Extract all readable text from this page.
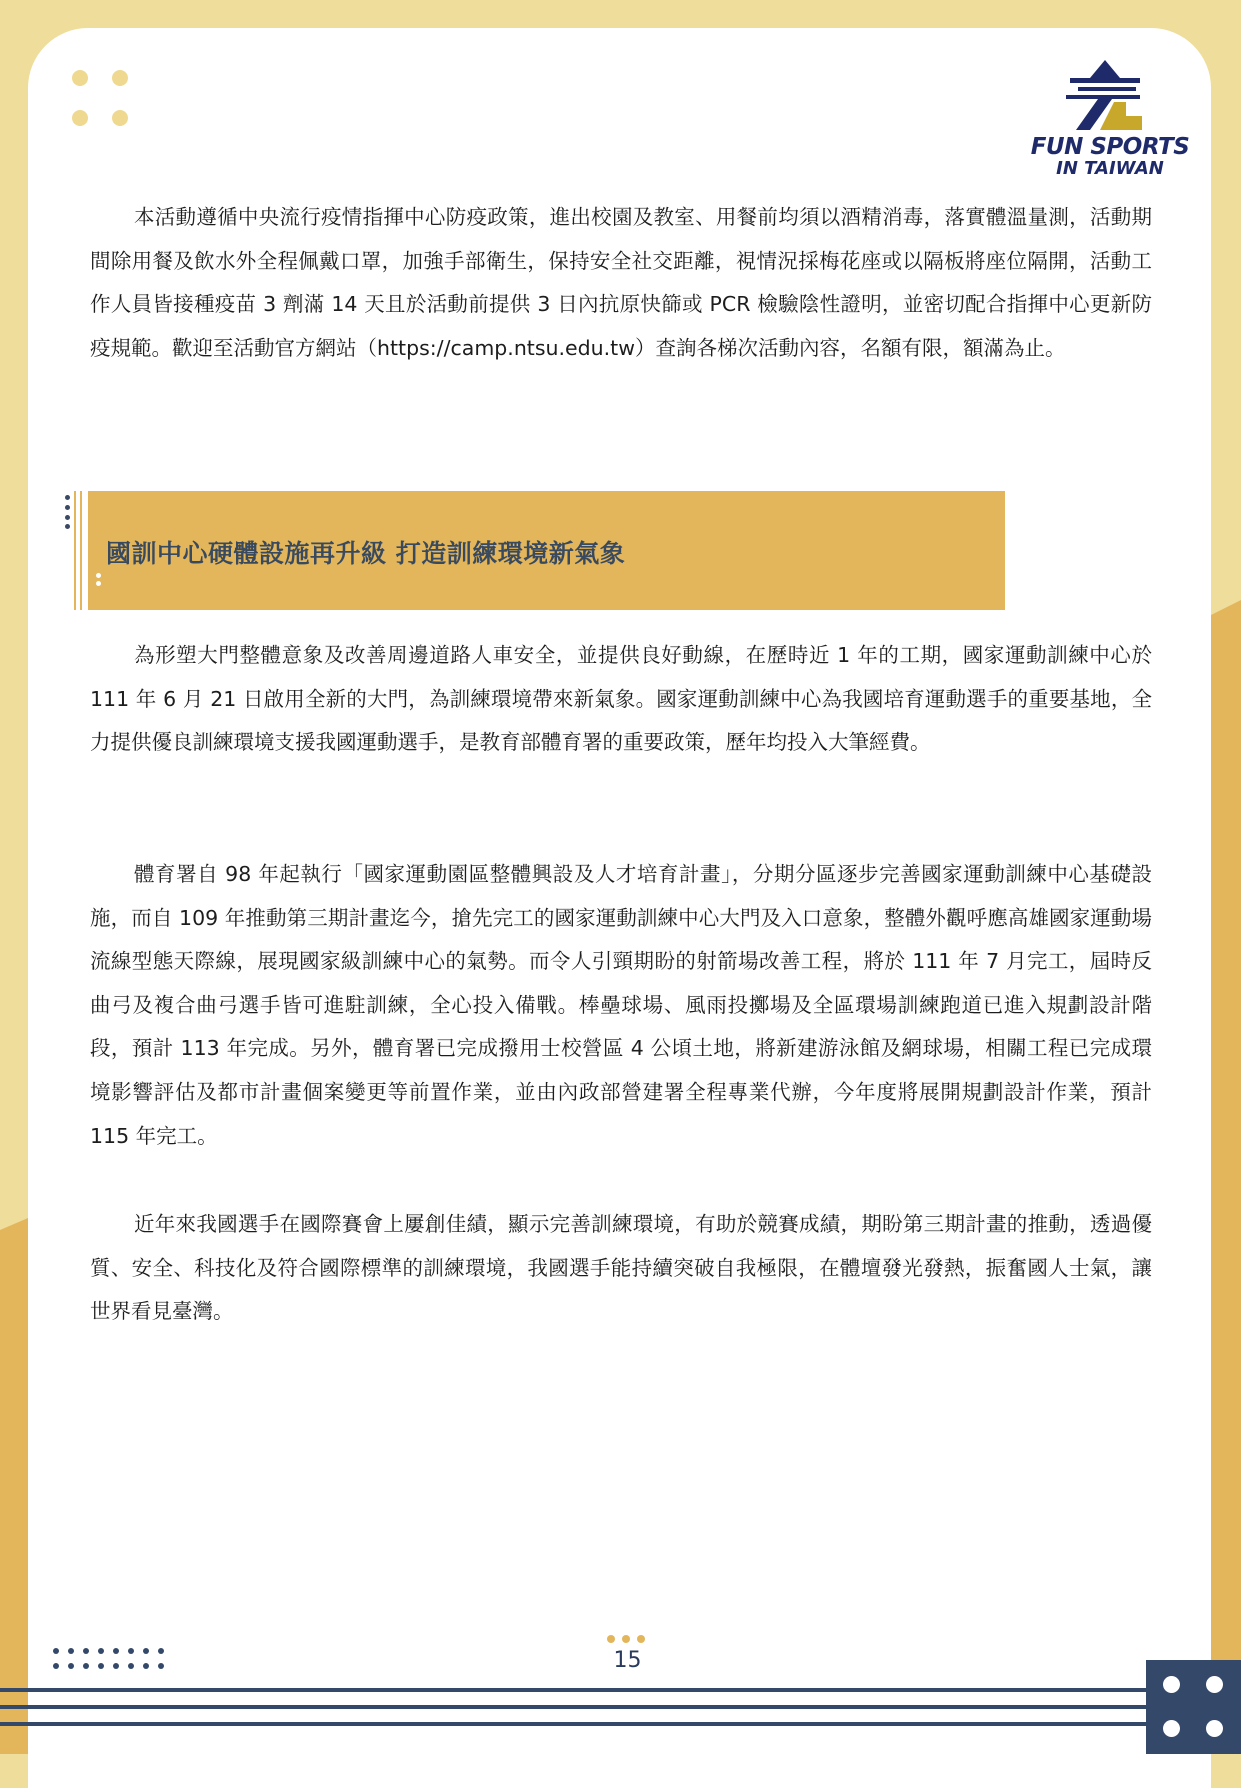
FUN SPORTS
IN TAIWAN

本活動遵循中央流行疫情指揮中心防疫政策，進出校園及教室、用餐前均須以酒精消毒，落實體溫量測，活動期間除用餐及飲水外全程佩戴口罩，加強手部衛生，保持安全社交距離，視情況採梅花座或以隔板將座位隔開，活動工作人員皆接種疫苗 3 劑滿 14 天且於活動前提供 3 日內抗原快篩或 PCR 檢驗陰性證明，並密切配合指揮中心更新防疫規範。歡迎至活動官方網站（https://camp.ntsu.edu.tw）查詢各梯次活動內容，名額有限，額滿為止。

國訓中心硬體設施再升級 打造訓練環境新氣象

為形塑大門整體意象及改善周邊道路人車安全，並提供良好動線，在歷時近 1 年的工期，國家運動訓練中心於 111 年 6 月 21 日啟用全新的大門，為訓練環境帶來新氣象。國家運動訓練中心為我國培育運動選手的重要基地，全力提供優良訓練環境支援我國運動選手，是教育部體育署的重要政策，歷年均投入大筆經費。

體育署自 98 年起執行「國家運動園區整體興設及人才培育計畫」，分期分區逐步完善國家運動訓練中心基礎設施，而自 109 年推動第三期計畫迄今，搶先完工的國家運動訓練中心大門及入口意象，整體外觀呼應高雄國家運動場流線型態天際線，展現國家級訓練中心的氣勢。而令人引頸期盼的射箭場改善工程，將於 111 年 7 月完工，屆時反曲弓及複合曲弓選手皆可進駐訓練，全心投入備戰。棒壘球場、風雨投擲場及全區環場訓練跑道已進入規劃設計階段，預計 113 年完成。另外，體育署已完成撥用士校營區 4 公頃土地，將新建游泳館及網球場，相關工程已完成環境影響評估及都市計畫個案變更等前置作業，並由內政部營建署全程專業代辦，今年度將展開規劃設計作業，預計 115 年完工。

近年來我國選手在國際賽會上屢創佳績，顯示完善訓練環境，有助於競賽成績，期盼第三期計畫的推動，透過優質、安全、科技化及符合國際標準的訓練環境，我國選手能持續突破自我極限，在體壇發光發熱，振奮國人士氣，讓世界看見臺灣。

15
